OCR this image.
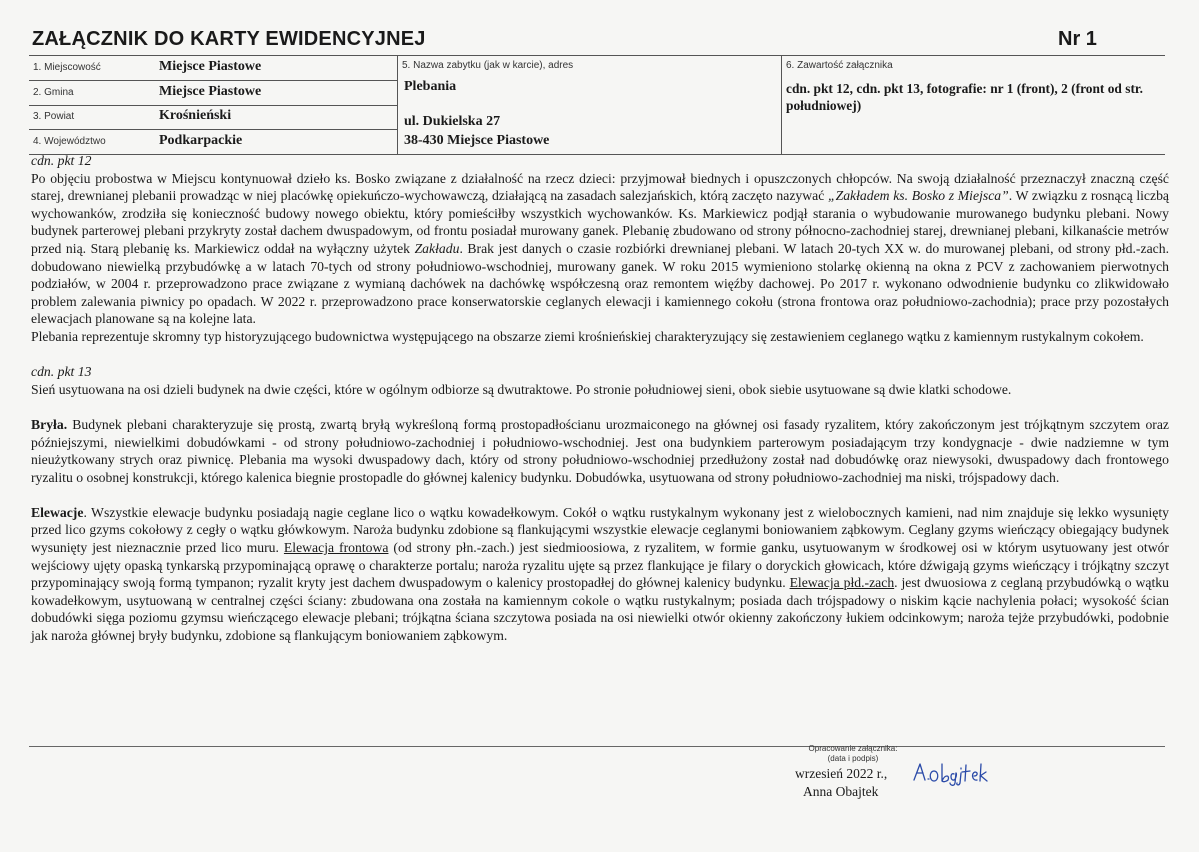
ZAŁĄCZNIK DO KARTY EWIDENCYJNEJ	Nr 1
1. Miejscowość	Miejsce Piastowe
2. Gmina	Miejsce Piastowe
3. Powiat	Krośnieński
4. Województwo	Podkarpackie
5. Nazwa zabytku (jak w karcie), adres
Plebania
ul. Dukielska 27
38-430 Miejsce Piastowe
6. Zawartość załącznika
cdn. pkt 12, cdn. pkt 13, fotografie: nr 1 (front), 2 (front od str. południowej)

cdn. pkt 12

Po objęciu probostwa w Miejscu kontynuował dzieło ks. Bosko związane z działalność na rzecz dzieci: przyjmował biednych i opuszczonych chłopców. Na swoją działalność przeznaczył znaczną część starej, drewnianej plebanii prowadząc w niej placówkę opiekuńczo-wychowawczą, działającą na zasadach salezjańskich, którą zaczęto nazywać „Zakładem ks. Bosko z Miejsca”. W związku z rosnącą liczbą wychowanków, zrodziła się konieczność budowy nowego obiektu, który pomieściłby wszystkich wychowanków. Ks. Markiewicz podjął starania o wybudowanie murowanego budynku plebani. Nowy budynek parterowej plebani przykryty został dachem dwuspadowym, od frontu posiadał murowany ganek. Plebanię zbudowano od strony północno-zachodniej starej, drewnianej plebani, kilkanaście metrów przed nią. Starą plebanię ks. Markiewicz oddał na wyłączny użytek Zakładu. Brak jest danych o czasie rozbiórki drewnianej plebani. W latach 20-tych XX w. do murowanej plebani, od strony płd.-zach. dobudowano niewielką przybudówkę a w latach 70-tych od strony południowo-wschodniej, murowany ganek. W roku 2015 wymieniono stolarkę okienną na okna z PCV z zachowaniem pierwotnych podziałów, w 2004 r. przeprowadzono prace związane z wymianą dachówek na dachówkę współczesną oraz remontem więźby dachowej. Po 2017 r. wykonano odwodnienie budynku co zlikwidowało problem zalewania piwnicy po opadach. W 2022 r. przeprowadzono prace konserwatorskie ceglanych elewacji i kamiennego cokołu (strona frontowa oraz południowo-zachodnia); prace przy pozostałych elewacjach planowane są na kolejne lata.

Plebania reprezentuje skromny typ historyzującego budownictwa występującego na obszarze ziemi krośnieńskiej charakteryzujący się zestawieniem ceglanego wątku z kamiennym rustykalnym cokołem.

cdn. pkt 13

Sień usytuowana na osi dzieli budynek na dwie części, które w ogólnym odbiorze są dwutraktowe. Po stronie południowej sieni, obok siebie usytuowane są dwie klatki schodowe.

Bryła. Budynek plebani charakteryzuje się prostą, zwartą bryłą wykreśloną formą prostopadłościanu urozmaiconego na głównej osi fasady ryzalitem, który zakończonym jest trójkątnym szczytem oraz późniejszymi, niewielkimi dobudówkami - od strony południowo-zachodniej i południowo-wschodniej. Jest ona budynkiem parterowym posiadającym trzy kondygnacje - dwie nadziemne w tym nieużytkowany strych oraz piwnicę. Plebania ma wysoki dwuspadowy dach, który od strony południowo-wschodniej przedłużony został nad dobudówkę oraz niewysoki, dwuspadowy dach frontowego ryzalitu o osobnej konstrukcji, którego kalenica biegnie prostopadle do głównej kalenicy budynku. Dobudówka, usytuowana od strony południowo-zachodniej ma niski, trójspadowy dach.

Elewacje. Wszystkie elewacje budynku posiadają nagie ceglane lico o wątku kowadełkowym. Cokół o wątku rustykalnym wykonany jest z wielobocznych kamieni, nad nim znajduje się lekko wysunięty przed lico gzyms cokołowy z cegły o wątku główkowym. Naroża budynku zdobione są flankującymi wszystkie elewacje ceglanymi boniowaniem ząbkowym. Ceglany gzyms wieńczący obiegający budynek wysunięty jest nieznacznie przed lico muru. Elewacja frontowa (od strony płn.-zach.) jest siedmioosiowa, z ryzalitem, w formie ganku, usytuowanym w środkowej osi w którym usytuowany jest otwór wejściowy ujęty opaską tynkarską przypominającą oprawę o charakterze portalu; naroża ryzalitu ujęte są przez flankujące je filary o doryckich głowicach, które dźwigają gzyms wieńczący i trójkątny szczyt przypominający swoją formą tympanon; ryzalit kryty jest dachem dwuspadowym o kalenicy prostopadłej do głównej kalenicy budynku. Elewacja płd.-zach. jest dwuosiowa z ceglaną przybudówką o wątku kowadełkowym, usytuowaną w centralnej części ściany: zbudowana ona została na kamiennym cokole o wątku rustykalnym; posiada dach trójspadowy o niskim kącie nachylenia połaci; wysokość ścian dobudówki sięga poziomu gzymsu wieńczącego elewacje plebani; trójkątna ściana szczytowa posiada na osi niewielki otwór okienny zakończony łukiem odcinkowym; naroża tejże przybudówki, podobnie jak naroża głównej bryły budynku, zdobione są flankującym boniowaniem ząbkowym.

Opracowanie załącznika:
(data i podpis)
wrzesień 2022 r.,
Anna Obajtek
